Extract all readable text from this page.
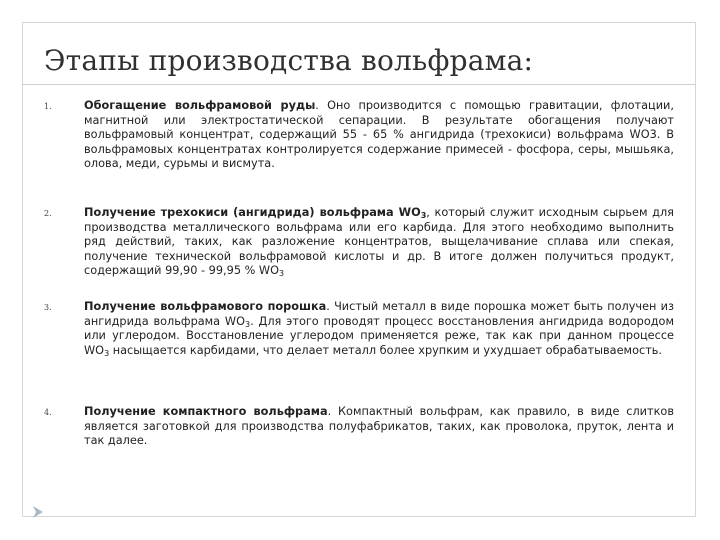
Этапы производства вольфрама:
1.	Обогащение вольфрамовой руды. Оно производится с помощью гравитации, флотации, магнитной или электростатической сепарации. В результате обогащения получают вольфрамовый концентрат, содержащий 55 - 65 % ангидрида (трехокиси) вольфрама WO3. В вольфрамовых концентратах контролируется содержание примесей - фосфора, серы, мышьяка, олова, меди, сурьмы и висмута.
2.	Получение трехокиси (ангидрида) вольфрама $WO_3$, который служит исходным сырьем для производства металлического вольфрама или его карбида. Для этого необходимо выполнить ряд действий, таких, как разложение концентратов, выщелачивание сплава или спекая, получение технической вольфрамовой кислоты и др. В итоге должен получиться продукт, содержащий 99,90 - 99,95 % $WO_3$
3.	Получение вольфрамового порошка. Чистый металл в виде порошка может быть получен из ангидрида вольфрама $WO_3$. Для этого проводят процесс восстановления ангидрида водородом или углеродом. Восстановление углеродом применяется реже, так как при данном процессе $WO_3$ насыщается карбидами, что делает металл более хрупким и ухудшает обрабатываемость.
4.	Получение компактного вольфрама. Компактный вольфрам, как правило, в виде слитков является заготовкой для производства полуфабрикатов, таких, как проволока, пруток, лента и так далее.
